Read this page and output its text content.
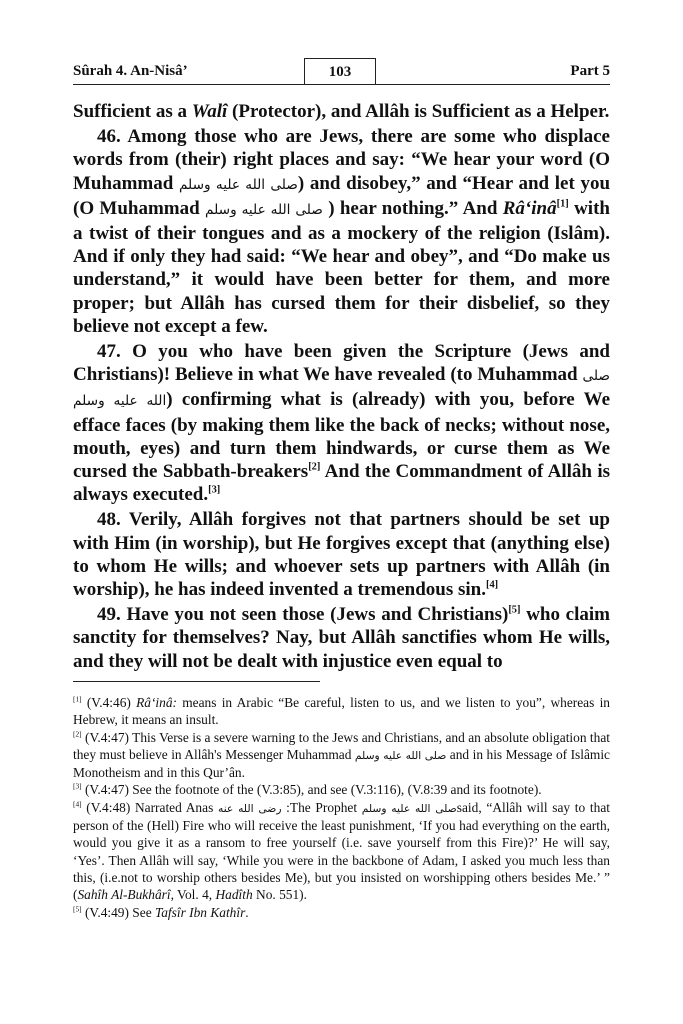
Sûrah 4. An-Nisâ’	103	Part 5

Sufficient as a Walî (Protector), and Allâh is Sufficient as a Helper.

46. Among those who are Jews, there are some who displace words from (their) right places and say: “We hear your word (O Muhammad صلى الله عليه وسلم) and disobey,” and “Hear and let you (O Muhammad صلى الله عليه وسلم ) hear nothing.” And Râ‘inâ[1] with a twist of their tongues and as a mockery of the religion (Islâm). And if only they had said: “We hear and obey”, and “Do make us understand,” it would have been better for them, and more proper; but Allâh has cursed them for their disbelief, so they believe not except a few.

47. O you who have been given the Scripture (Jews and Christians)! Believe in what We have revealed (to Muhammad صلى الله عليه وسلم) confirming what is (already) with you, before We efface faces (by making them like the back of necks; without nose, mouth, eyes) and turn them hindwards, or curse them as We cursed the Sabbath-breakers[2] And the Commandment of Allâh is always executed.[3]

48. Verily, Allâh forgives not that partners should be set up with Him (in worship), but He forgives except that (anything else) to whom He wills; and whoever sets up partners with Allâh (in worship), he has indeed invented a tremendous sin.[4]

49. Have you not seen those (Jews and Christians)[5] who claim sanctity for themselves? Nay, but Allâh sanctifies whom He wills, and they will not be dealt with injustice even equal to

[1] (V.4:46) Râ‘inâ: means in Arabic “Be careful, listen to us, and we listen to you”, whereas in Hebrew, it means an insult.

[2] (V.4:47) This Verse is a severe warning to the Jews and Christians, and an absolute obligation that they must believe in Allâh's Messenger Muhammad صلى الله عليه وسلم and in his Message of Islâmic Monotheism and in this Qur’ân.

[3] (V.4:47) See the footnote of the (V.3:85), and see (V.3:116), (V.8:39 and its footnote).

[4] (V.4:48) Narrated Anas رضى الله عنه :The Prophet صلى الله عليه وسلمsaid, “Allâh will say to that person of the (Hell) Fire who will receive the least punishment, ‘If you had everything on the earth, would you give it as a ransom to free yourself (i.e. save yourself from this Fire)?’ He will say, ‘Yes’. Then Allâh will say, ‘While you were in the backbone of Adam, I asked you much less than this, (i.e.not to worship others besides Me), but you insisted on worshipping others besides Me.’ ” (Sahîh Al-Bukhârî, Vol. 4, Hadîth No. 551).

[5] (V.4:49) See Tafsîr Ibn Kathîr.
